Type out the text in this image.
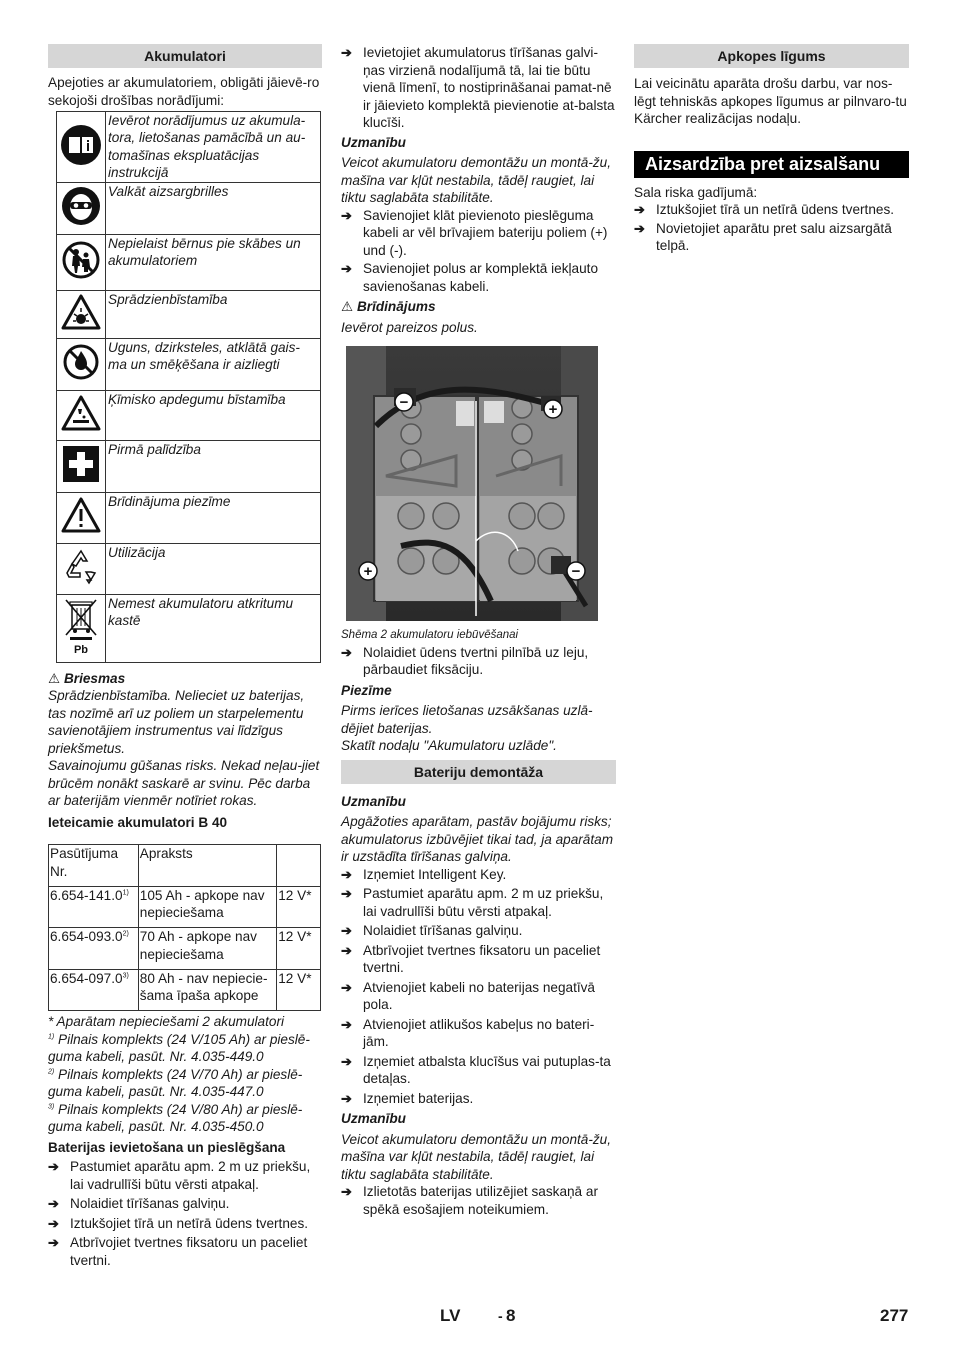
Akumulatori

Apejoties ar akumulatoriem, obligāti jāievē-ro sekojoši drošības norādījumi:

	Ievērot norādījumus uz akumula-tora, lietošanas pamācībā un au-tomašīnas ekspluatācijas instrukcijā
	Valkāt aizsargbrilles
	Nepielaist bērnus pie skābes un akumulatoriem
	Sprādzienbīstamība
	Uguns, dzirksteles, atklātā gais-ma un smēķēšana ir aizliegti
	Ķīmisko apdegumu bīstamība
	Pirmā palīdzība
	Brīdinājuma piezīme
	Utilizācija

Pb	Nemest akumulatoru atkritumu kastē

⚠ Briesmas

Sprādzienbīstamība. Nelieciet uz baterijas, tas nozīmē arī uz poliem un starpelementu savienotājiem instrumentus vai līdzīgus priekšmetus.

Savainojumu gūšanas risks. Nekad neļau-jiet brūcēm nonākt saskarē ar svinu. Pēc darba ar baterijām vienmēr notīriet rokas.

Ieteicamie akumulatori B 40

Pasūtījuma Nr.	Apraksts	
6.654-141.0$^{1)}$	105 Ah - apkope nav nepieciešama	12 V*
6.654-093.0$^{2)}$	70 Ah - apkope nav nepieciešama	12 V*
6.654-097.0$^{3)}$	80 Ah - nav nepiecie-šama īpaša apkope	12 V*

* Aparātam nepieciešami 2 akumulatori

$^{1)}$ Pilnais komplekts (24 V/105 Ah) ar pieslē-guma kabeli, pasūt. Nr. 4.035-449.0

$^{2)}$ Pilnais komplekts (24 V/70 Ah) ar pieslē-guma kabeli, pasūt. Nr. 4.035-447.0

$^{3)}$ Pilnais komplekts (24 V/80 Ah) ar pieslē-guma kabeli, pasūt. Nr. 4.035-450.0

Baterijas ievietošana un pieslēgšana

➔ Pastumiet aparātu apm. 2 m uz priekšu, lai vadrullīši būtu vērsti atpakaļ.
➔ Nolaidiet tīrīšanas galviņu.
➔ Iztukšojiet tīrā un netīrā ūdens tvertnes.
➔ Atbrīvojiet tvertnes fiksatoru un paceliet tvertni.
➔ Ievietojiet akumulatorus tīrīšanas galvi-ņas virzienā nodalījumā tā, lai tie būtu vienā līmenī, to nostiprināšanai pamat-nē ir jāievieto komplektā pievienotie at-balsta klucīši.

Uzmanību

Veicot akumulatoru demontāžu un montā-žu, mašīna var kļūt nestabila, tādēļ raugiet, lai tiktu saglabāta stabilitāte.

➔ Savienojiet klāt pievienoto pieslēguma kabeli ar vēl brīvajiem bateriju poliem (+) und (-).
➔ Savienojiet polus ar komplektā iekļauto savienošanas kabeli.

⚠ Brīdinājums

Ievērot pareizos polus.

−	+
+	−

Shēma 2 akumulatoru iebūvēšanai

➔ Nolaidiet ūdens tvertni pilnībā uz leju, pārbaudiet fiksāciju.

Piezīme

Pirms ierīces lietošanas uzsākšanas uzlā-dējiet baterijas.

Skatīt nodaļu "Akumulatoru uzlāde".

Bateriju demontāža

Uzmanību

Apgāžoties aparātam, pastāv bojājumu risks; akumulatorus izbūvējiet tikai tad, ja aparātam ir uzstādīta tīrīšanas galviņa.

➔ Izņemiet Intelligent Key.
➔ Pastumiet aparātu apm. 2 m uz priekšu, lai vadrullīši būtu vērsti atpakaļ.
➔ Nolaidiet tīrīšanas galviņu.
➔ Atbrīvojiet tvertnes fiksatoru un paceliet tvertni.
➔ Atvienojiet kabeli no baterijas negatīvā pola.
➔ Atvienojiet atlikušos kabeļus no bateri-jām.
➔ Izņemiet atbalsta klucīšus vai putuplas-ta detaļas.
➔ Izņemiet baterijas.

Uzmanību

Veicot akumulatoru demontāžu un montā-žu, mašīna var kļūt nestabila, tādēļ raugiet, lai tiktu saglabāta stabilitāte.

➔ Izlietotās baterijas utilizējiet saskaņā ar spēkā esošajiem noteikumiem.
Apkopes līgums

Lai veicinātu aparāta drošu darbu, var nos-lēgt tehniskās apkopes līgumus ar pilnvaro-tu Kärcher realizācijas nodaļu.

Aizsardzība pret aizsalšanu

Sala riska gadījumā:

➔ Iztukšojiet tīrā un netīrā ūdens tvertnes.
➔ Novietojiet aparātu pret salu aizsargātā telpā.
LV	- 8	277
